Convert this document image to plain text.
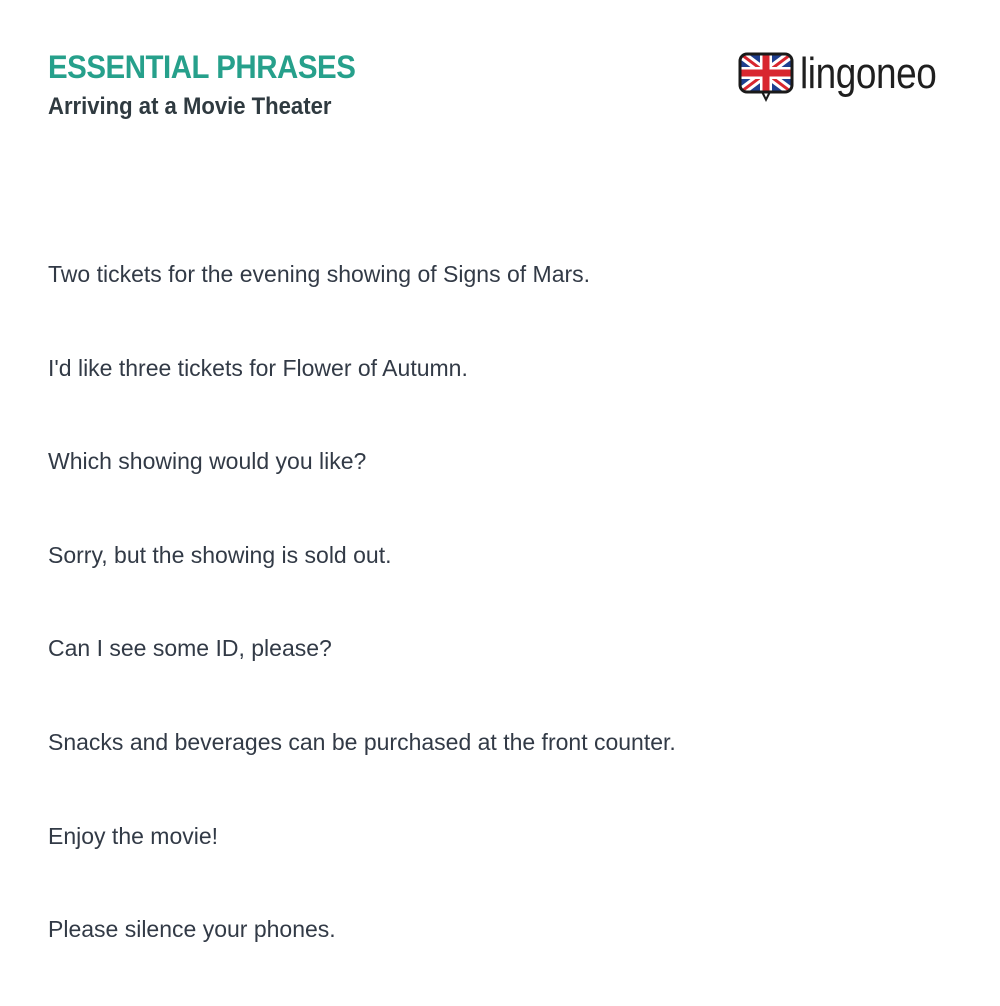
ESSENTIAL PHRASES
Arriving at a Movie Theater
lingoneo
Two tickets for the evening showing of Signs of Mars.
I'd like three tickets for Flower of Autumn.
Which showing would you like?
Sorry, but the showing is sold out.
Can I see some ID, please?
Snacks and beverages can be purchased at the front counter.
Enjoy the movie!
Please silence your phones.
